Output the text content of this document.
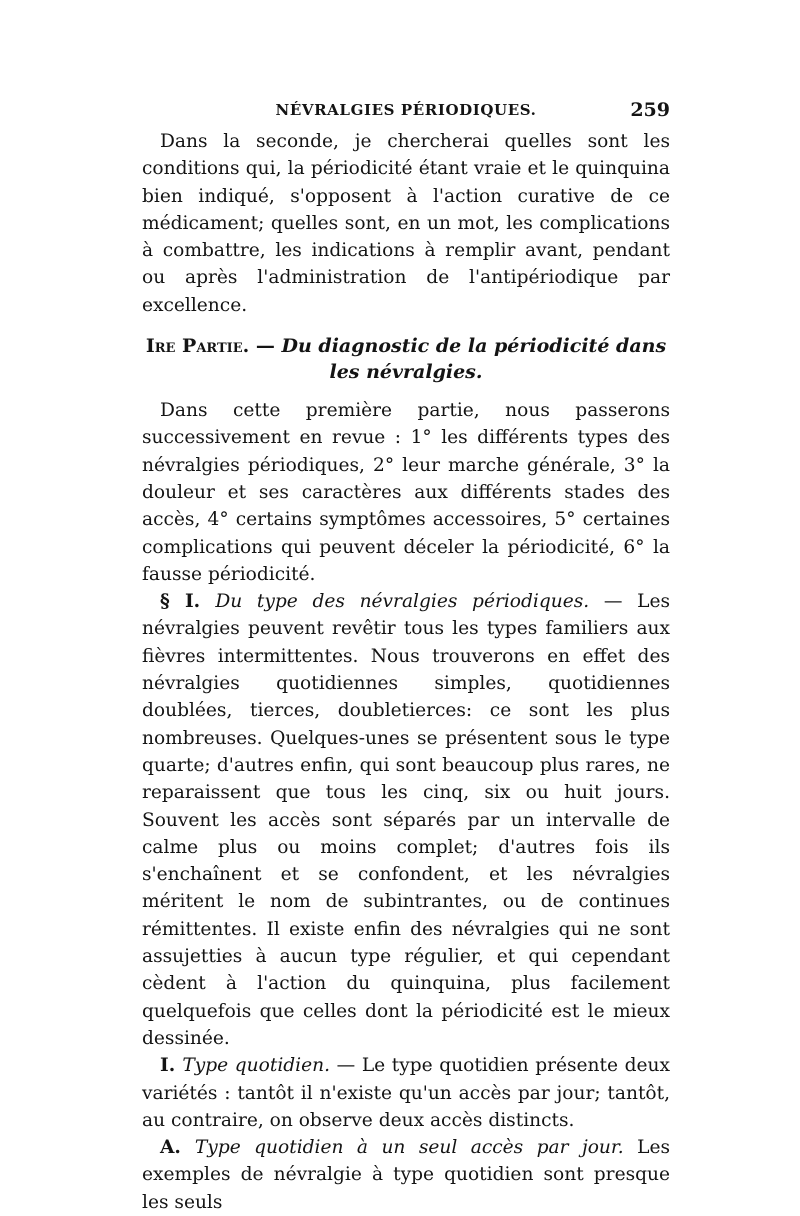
NÉVRALGIES PÉRIODIQUES.	259

Dans la seconde, je chercherai quelles sont les conditions qui, la périodicité étant vraie et le quinquina bien indiqué, s'opposent à l'action curative de ce médicament; quelles sont, en un mot, les complications à combattre, les indications à remplir avant, pendant ou après l'administration de l'antipériodique par excellence.

Ire Partie. — Du diagnostic de la périodicité dans les névralgies.

Dans cette première partie, nous passerons successivement en revue : 1° les différents types des névralgies périodiques, 2° leur marche générale, 3° la douleur et ses caractères aux différents stades des accès, 4° certains symptômes accessoires, 5° certaines complications qui peuvent déceler la périodicité, 6° la fausse périodicité.

§ I. Du type des névralgies périodiques. — Les névralgies peuvent revêtir tous les types familiers aux fièvres intermittentes. Nous trouverons en effet des névralgies quotidiennes simples, quotidiennes doublées, tierces, doubletierces: ce sont les plus nombreuses. Quelques-unes se présentent sous le type quarte; d'autres enfin, qui sont beaucoup plus rares, ne reparaissent que tous les cinq, six ou huit jours. Souvent les accès sont séparés par un intervalle de calme plus ou moins complet; d'autres fois ils s'enchaînent et se confondent, et les névralgies méritent le nom de subintrantes, ou de continues rémittentes. Il existe enfin des névralgies qui ne sont assujetties à aucun type régulier, et qui cependant cèdent à l'action du quinquina, plus facilement quelquefois que celles dont la périodicité est le mieux dessinée.

I. Type quotidien. — Le type quotidien présente deux variétés : tantôt il n'existe qu'un accès par jour; tantôt, au contraire, on observe deux accès distincts.

A. Type quotidien à un seul accès par jour. Les exemples de névralgie à type quotidien sont presque les seuls
